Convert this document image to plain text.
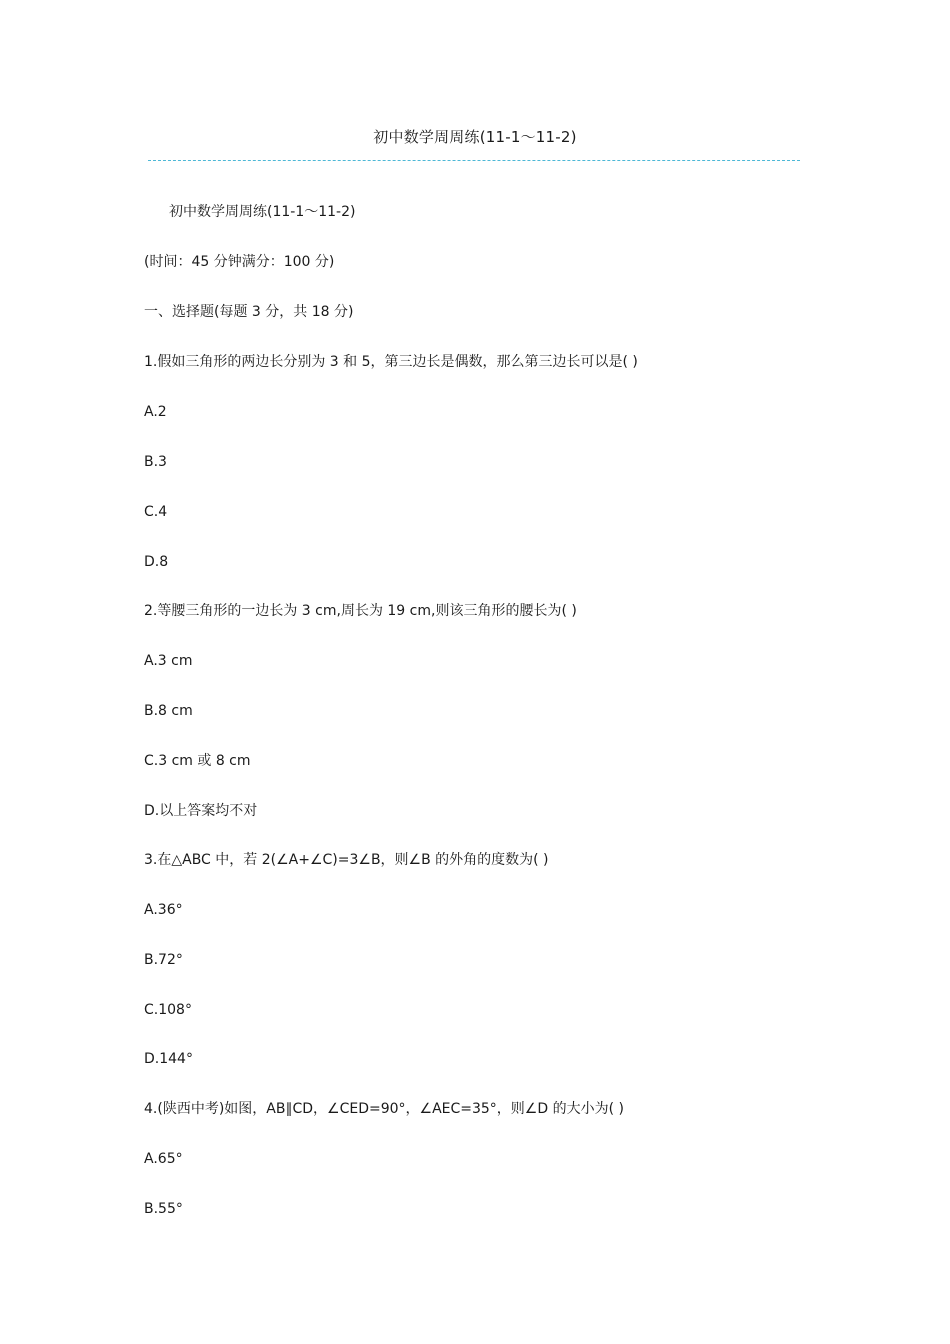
初中数学周周练(11-1～11-2)
初中数学周周练(11-1～11-2)
(时间：45 分钟满分：100 分)
一、选择题(每题 3 分，共 18 分)
1.假如三角形的两边长分别为 3 和 5，第三边长是偶数，那么第三边长可以是( )
A.2
B.3
C.4
D.8
2.等腰三角形的一边长为 3 cm,周长为 19 cm,则该三角形的腰长为( )
A.3 cm
B.8 cm
C.3 cm 或 8 cm
D.以上答案均不对
3.在△ABC 中，若 2(∠A+∠C)=3∠B，则∠B 的外角的度数为( )
A.36°
B.72°
C.108°
D.144°
4.(陕西中考)如图，AB∥CD，∠CED=90°，∠AEC=35°，则∠D 的大小为( )
A.65°
B.55°
